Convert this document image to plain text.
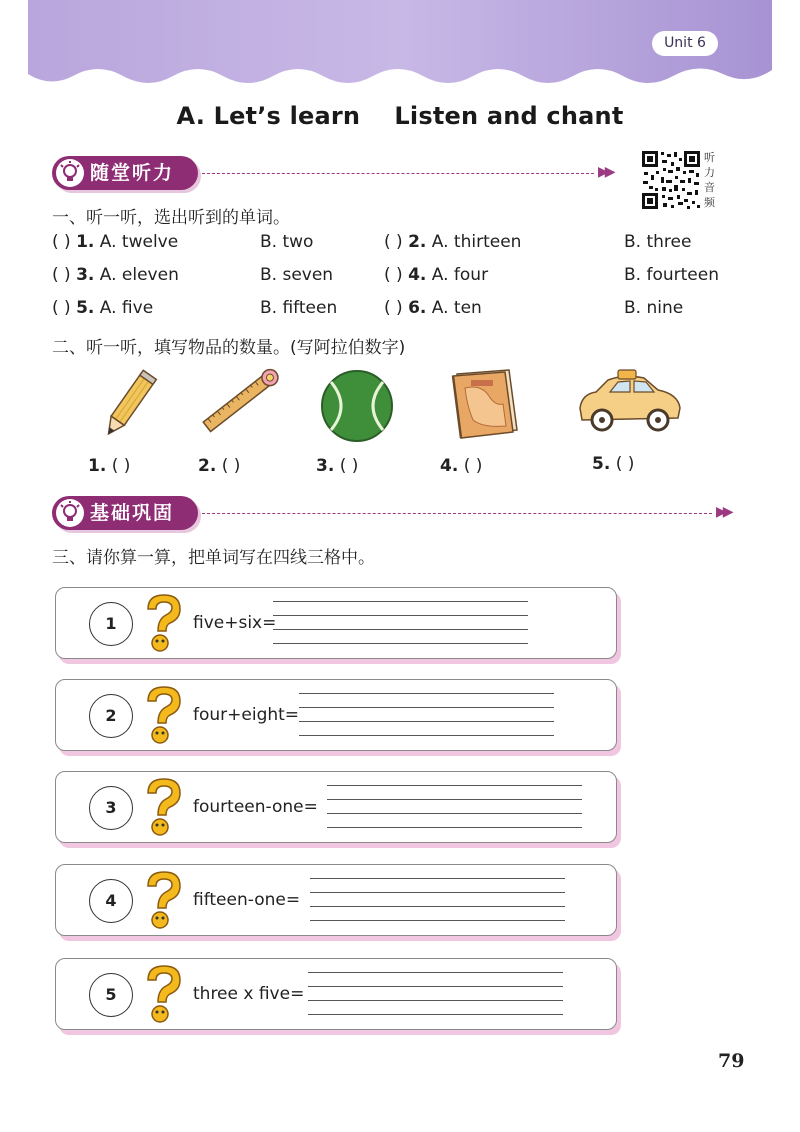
Unit 6
A. Let’s learn    Listen and chant
随堂听力	▶▶
听力音频
一、听一听，选出听到的单词。
( ) 1. A. twelve	B. two	( ) 2. A. thirteen	B. three
( ) 3. A. eleven	B. seven	( ) 4. A. four	B. fourteen
( ) 5. A. five	B. fifteen	( ) 6. A. ten	B. nine
二、听一听，填写物品的数量。(写阿拉伯数字)
1. ( )	2. ( )	3. ( )	4. ( )	5. ( )
基础巩固	▶▶
三、请你算一算，把单词写在四线三格中。
1	five+six=
2	four+eight=
3	fourteen-one=
4	fifteen-one=
5	three x five=
79
